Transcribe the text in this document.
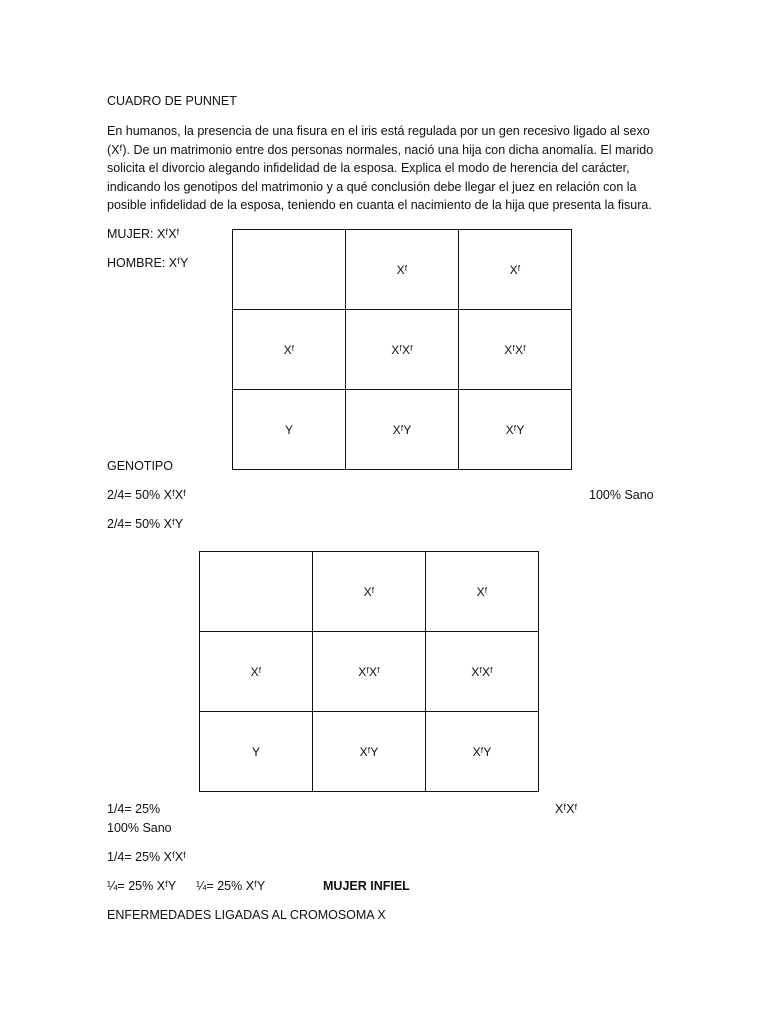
CUADRO DE PUNNET
En humanos, la presencia de una fisura en el iris está regulada por un gen recesivo ligado al sexo (Xᶠ). De un matrimonio entre dos personas normales, nació una hija con dicha anomalía. El marido solicita el divorcio alegando infidelidad de la esposa. Explica el modo de herencia del carácter, indicando los genotipos del matrimonio y a qué conclusión debe llegar el juez en relación con la posible infidelidad de la esposa, teniendo en cuanta el nacimiento de la hija que presenta la fisura.
MUJER: XᶠXᶠ
HOMBRE: XᶠY
		Xᶠ	Xᶠ
Xᶠ	XᶠXᶠ	XᶠXᶠ
Y	XᶠY	XᶠY
GENOTIPO
2/4= 50% XᶠXᶠ	100% Sano
2/4= 50% XᶠY
	Xᶠ	Xᶠ
Xᶠ	XᶠXᶠ	XᶠXᶠ
Y	XᶠY	XᶠY
1/4= 25%	XᶠXᶠ
100% Sano
1/4= 25% XᶠXᶠ
¼= 25% XᶠY ¼= 25% XᶠY	MUJER INFIEL
ENFERMEDADES LIGADAS AL CROMOSOMA X
